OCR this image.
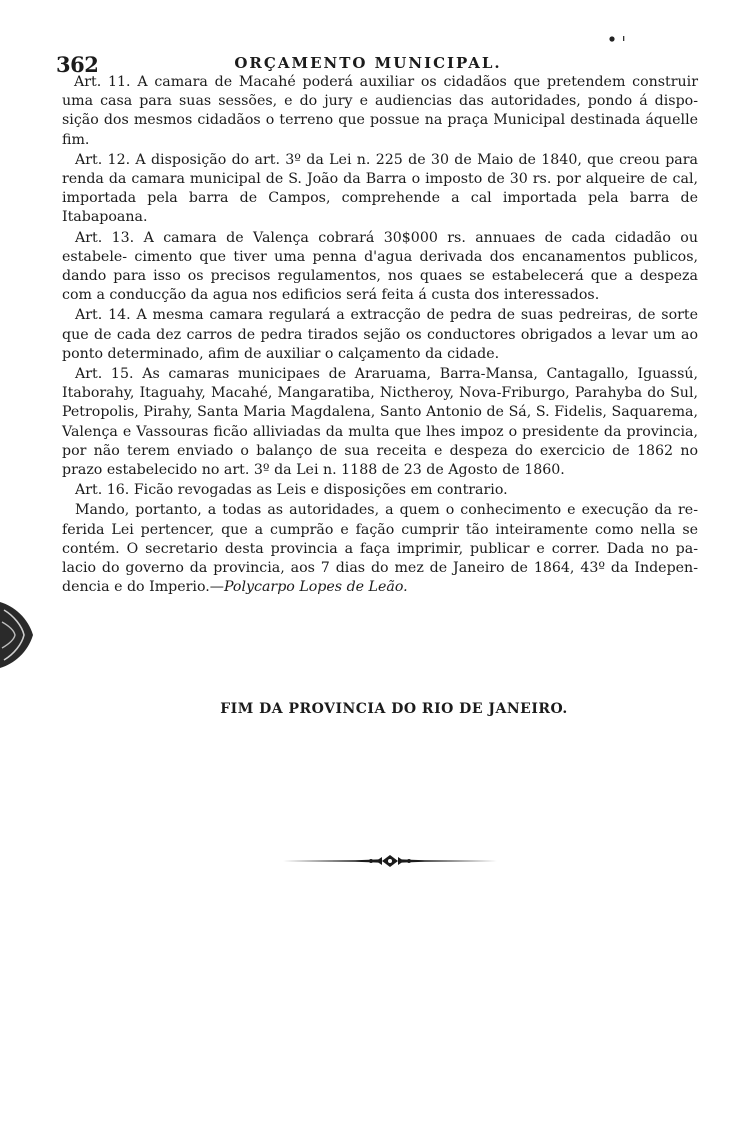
362	ORÇAMENTO MUNICIPAL.

Art. 11. A camara de Macahé poderá auxiliar os cidadãos que pretendem construir uma casa para suas sessões, e do jury e audiencias das autoridades, pondo á dispo- sição dos mesmos cidadãos o terreno que possue na praça Municipal destinada áquelle fim.

Art. 12. A disposição do art. 3º da Lei n. 225 de 30 de Maio de 1840, que creou para renda da camara municipal de S. João da Barra o imposto de 30 rs. por alqueire de cal, importada pela barra de Campos, comprehende a cal importada pela barra de Itabapoana.

Art. 13. A camara de Valença cobrará 30$000 rs. annuaes de cada cidadão ou estabele- cimento que tiver uma penna d'agua derivada dos encanamentos publicos, dando para isso os precisos regulamentos, nos quaes se estabelecerá que a despeza com a conducção da agua nos edificios será feita á custa dos interessados.

Art. 14. A mesma camara regulará a extracção de pedra de suas pedreiras, de sorte que de cada dez carros de pedra tirados sejão os conductores obrigados a levar um ao ponto determinado, afim de auxiliar o calçamento da cidade.

Art. 15. As camaras municipaes de Araruama, Barra-Mansa, Cantagallo, Iguassú, Itaborahy, Itaguahy, Macahé, Mangaratiba, Nictheroy, Nova-Friburgo, Parahyba do Sul, Petropolis, Pirahy, Santa Maria Magdalena, Santo Antonio de Sá, S. Fidelis, Saquarema, Valença e Vassouras ficão alliviadas da multa que lhes impoz o presidente da provincia, por não terem enviado o balanço de sua receita e despeza do exercicio de 1862 no prazo estabelecido no art. 3º da Lei n. 1188 de 23 de Agosto de 1860.

Art. 16. Ficão revogadas as Leis e disposições em contrario.

Mando, portanto, a todas as autoridades, a quem o conhecimento e execução da re- ferida Lei pertencer, que a cumprão e fação cumprir tão inteiramente como nella se contém. O secretario desta provincia a faça imprimir, publicar e correr. Dada no pa- lacio do governo da provincia, aos 7 dias do mez de Janeiro de 1864, 43º da Indepen- dencia e do Imperio.—Polycarpo Lopes de Leão.

FIM DA PROVINCIA DO RIO DE JANEIRO.
